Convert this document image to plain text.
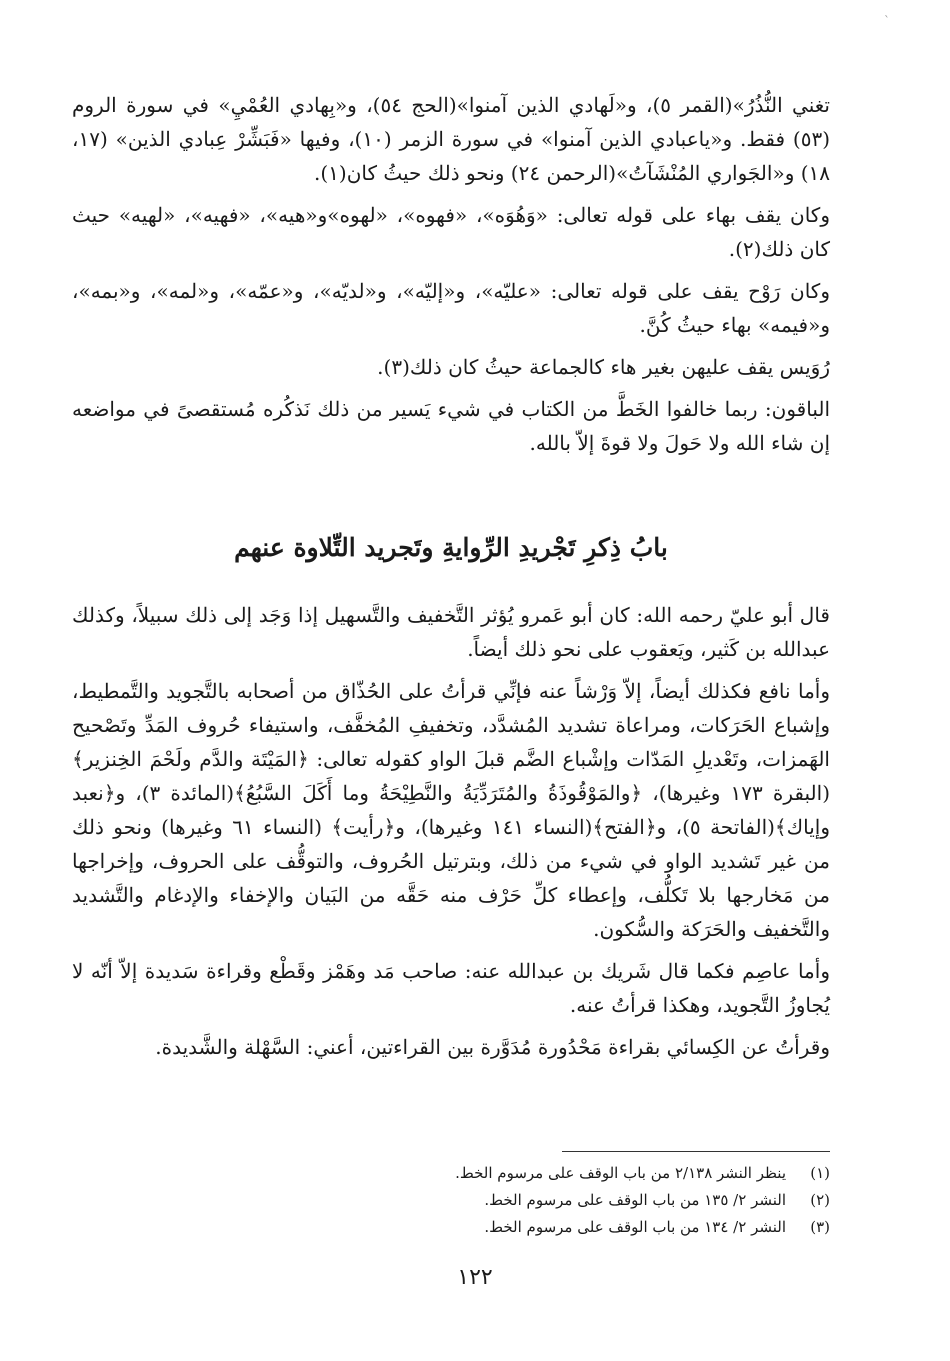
ˋ

تغني النُّذُرُ»(القمر ٥)، و«لَهادي الذين آمنوا»(الحج ٥٤)، و«بِهادي العُمْيِ» في سورة الروم (٥٣) فقط. و«ياعبادي الذين آمنوا» في سورة الزمر (١٠)، وفيها «فَبَشِّرْ عِبادي الذين» (١٧، ١٨) و«الجَواري المُنْشَآتُ»(الرحمن ٢٤) ونحو ذلك حيثُ كان(١).

وكان يقف بهاء على قوله تعالى: «وَهُوَه»، «فهوه»، «لهوه»و«هيه»، «فهيه»، «لهيه» حيث كان ذلك(٢).

وكان رَوْح يقف على قوله تعالى: «عليّه»، و«إليّه»، و«لديّه»، و«عمّه»، و«لمه»، و«بمه»، و«فيمه» بهاء حيثُ كُنَّ.

رُوَيس يقف عليهن بغير هاء كالجماعة حيثُ كان ذلك(٣).

الباقون: ربما خالفوا الخَطَّ من الكتاب في شيء يَسير من ذلك نَذكُره مُستقصىً في مواضعه إن شاء الله ولا حَولَ ولا قوةَ إلاّ بالله.

بابُ ذِكرِ تَجْريدِ الرِّوايةِ وتَجريد التِّلاوة عنهم

قال أبو عليّ رحمه الله: كان أبو عَمرو يُؤثر التَّخفيف والتَّسهيل إذا وَجَد إلى ذلك سبيلاً، وكذلك عبدالله بن كَثير، ويَعقوب على نحو ذلك أيضاً.

وأما نافع فكذلك أيضاً، إلاّ وَرْشاً عنه فإنِّي قرأتُ على الحُذّاق من أصحابه بالتَّجويد والتَّمطيط، وإشباع الحَرَكات، ومراعاة تشديد المُشدَّد، وتخفيفِ المُخفَّف، واستيفاء حُروف المَدِّ وتَصْحيح الهَمزات، وتَعْديلِ المَدّات وإشْباع الضَّم قبلَ الواو كقوله تعالى: ﴿المَيْتَة والدَّم ولَحْمَ الخِنزير﴾(البقرة ١٧٣ وغيرها)، ﴿والمَوْقُوذَةُ والمُتَرَدِّيَةُ والنَّطِيْحَةُ وما أَكَلَ السَّبُعُ﴾(المائدة ٣)، و﴿نعبد وإياك﴾(الفاتحة ٥)، و﴿الفتح﴾(النساء ١٤١ وغيرها)، و﴿رأيت﴾ (النساء ٦١ وغيرها) ونحو ذلك من غير تَشديد الواو في شيء من ذلك، وبترتيل الحُروف، والتوقُّف على الحروف، وإخراجها من مَخارجها بلا تَكلُّف، وإعطاء كلِّ حَرْف منه حَقَّه من البَيان والإخفاء والإدغام والتَّشديد والتَّخفيف والحَرَكة والسُّكون.

وأما عاصِم فكما قال شَريك بن عبدالله عنه: صاحب مَد وهَمْز وقَطْع وقراءة سَديدة إلاّ أنّه لا يُجاوزُ التَّجويد، وهكذا قرأتُ عنه.

وقرأتُ عن الكِسائي بقراءة مَحْدُورة مُدَوَّرة بين القراءتين، أعني: السَّهْلة والشَّديدة.

(١)ينظر النشر ٢/١٣٨ من باب الوقف على مرسوم الخط.

(٢)النشر ٢/ ١٣٥ من باب الوقف على مرسوم الخط.

(٣)النشر ٢/ ١٣٤ من باب الوقف على مرسوم الخط.

١٢٢
